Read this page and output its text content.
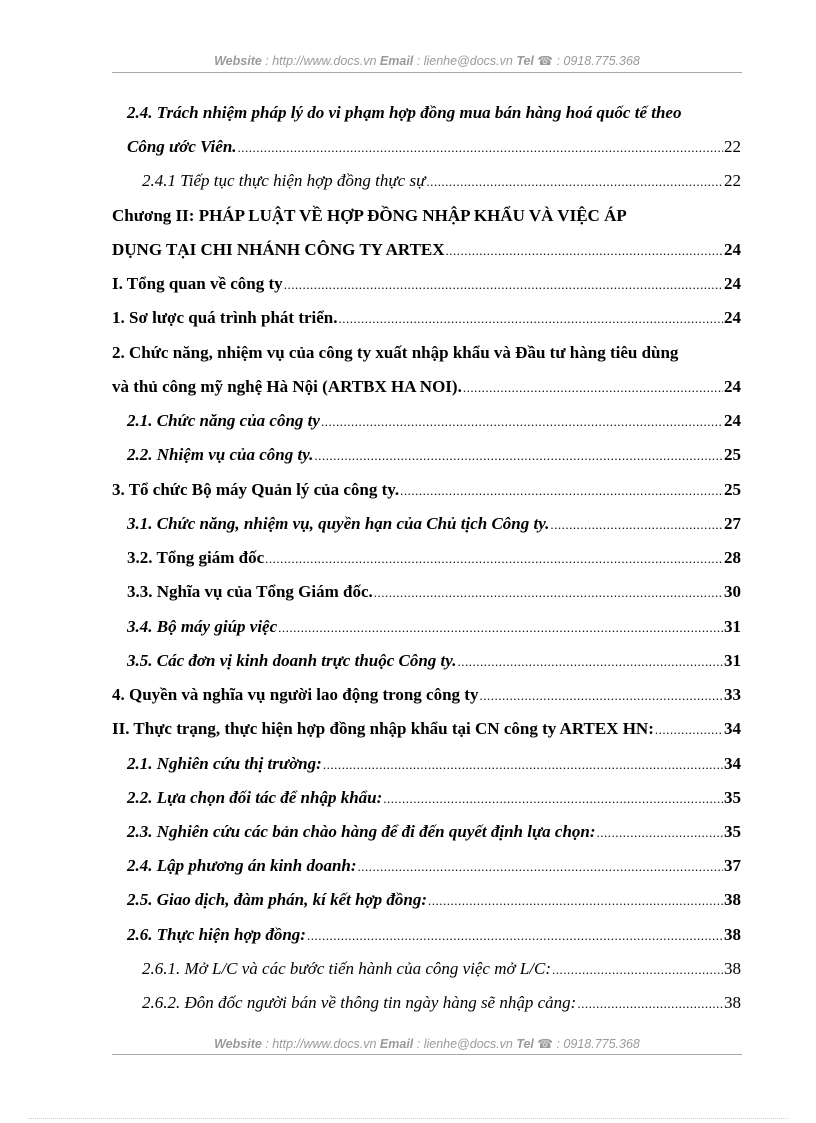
Website : http://www.docs.vn Email : lienhe@docs.vn Tel ☎ : 0918.775.368
2.4. Trách nhiệm pháp lý do vi phạm hợp đồng mua bán hàng hoá quốc tế theo
Công ước Viên. .....	22
2.4.1 Tiếp tục thực hiện hợp đồng thực sự .....	22
Chương II: PHÁP LUẬT VỀ HỢP ĐỒNG NHẬP KHẨU VÀ VIỆC ÁP
DỤNG TẠI CHI NHÁNH CÔNG TY ARTEX .....	24
I. Tổng quan về công ty .....	24
1. Sơ lược quá trình phát triển. .....	24
2. Chức năng, nhiệm vụ của công ty xuất nhập khẩu và Đầu tư hàng tiêu dùng
và thủ công mỹ nghệ Hà Nội (ARTBX HA NOI). .....	24
2.1. Chức năng của công ty .....	24
2.2. Nhiệm vụ của công ty. .....	25
3. Tổ chức Bộ máy Quản lý của công ty. .....	25
3.1. Chức năng, nhiệm vụ, quyền hạn của Chủ tịch Công ty. .....	27
3.2. Tổng giám đốc .....	28
3.3. Nghĩa vụ của Tổng Giám đốc. .....	30
3.4. Bộ máy giúp việc .....	31
3.5. Các đơn vị kinh doanh trực thuộc Công ty. .....	31
4. Quyền và nghĩa vụ người lao động trong công ty .....	33
II. Thực trạng, thực hiện hợp đồng nhập khẩu tại CN công ty ARTEX HN: .....	34
2.1. Nghiên cứu thị trường: .....	34
2.2. Lựa chọn đối tác để nhập khẩu: .....	35
2.3. Nghiên cứu các bản chào hàng để đi đến quyết định lựa chọn: .....	35
2.4. Lập phương án kinh doanh: .....	37
2.5. Giao dịch, đàm phán, kí kết hợp đồng: .....	38
2.6. Thực hiện hợp đồng: .....	38
2.6.1. Mở L/C và các bước tiến hành của công việc mở L/C: .....	38
2.6.2. Đôn đốc người bán về thông tin ngày hàng sẽ nhập cảng: .....	38
Website : http://www.docs.vn Email : lienhe@docs.vn Tel ☎ : 0918.775.368
